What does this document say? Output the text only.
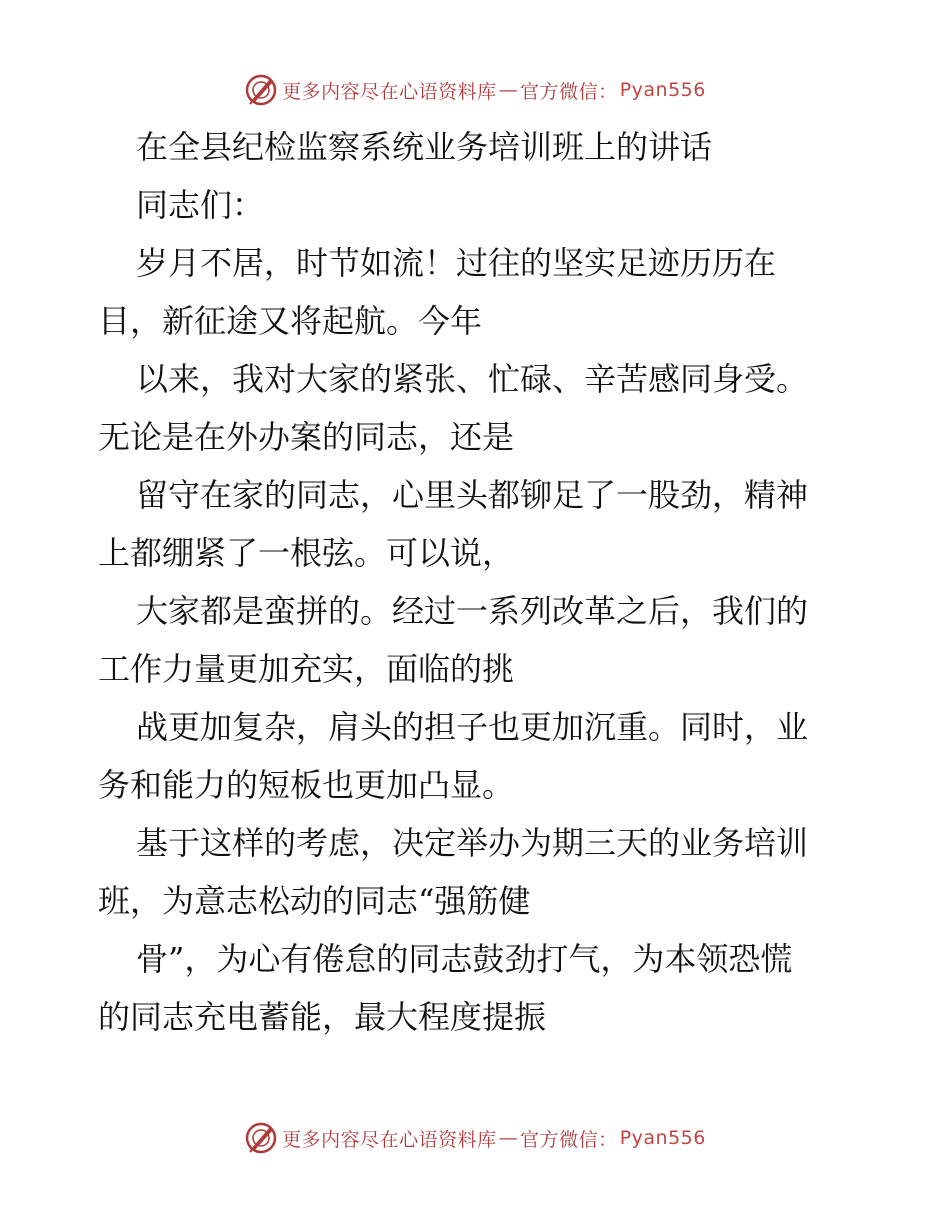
更多内容尽在心语资料库 — 官方微信： Pyan556
在全县纪检监察系统业务培训班上的讲话
同志们：
岁月不居，时节如流！过往的坚实足迹历历在
目，新征途又将起航。今年
以来，我对大家的紧张、忙碌、辛苦感同身受。
无论是在外办案的同志，还是
留守在家的同志，心里头都铆足了一股劲，精神
上都绷紧了一根弦。可以说，
大家都是蛮拼的。经过一系列改革之后，我们的
工作力量更加充实，面临的挑
战更加复杂，肩头的担子也更加沉重。同时，业
务和能力的短板也更加凸显。
基于这样的考虑，决定举办为期三天的业务培训
班，为意志松动的同志“强筋健
骨”，为心有倦怠的同志鼓劲打气，为本领恐慌
的同志充电蓄能，最大程度提振
更多内容尽在心语资料库 — 官方微信： Pyan556
